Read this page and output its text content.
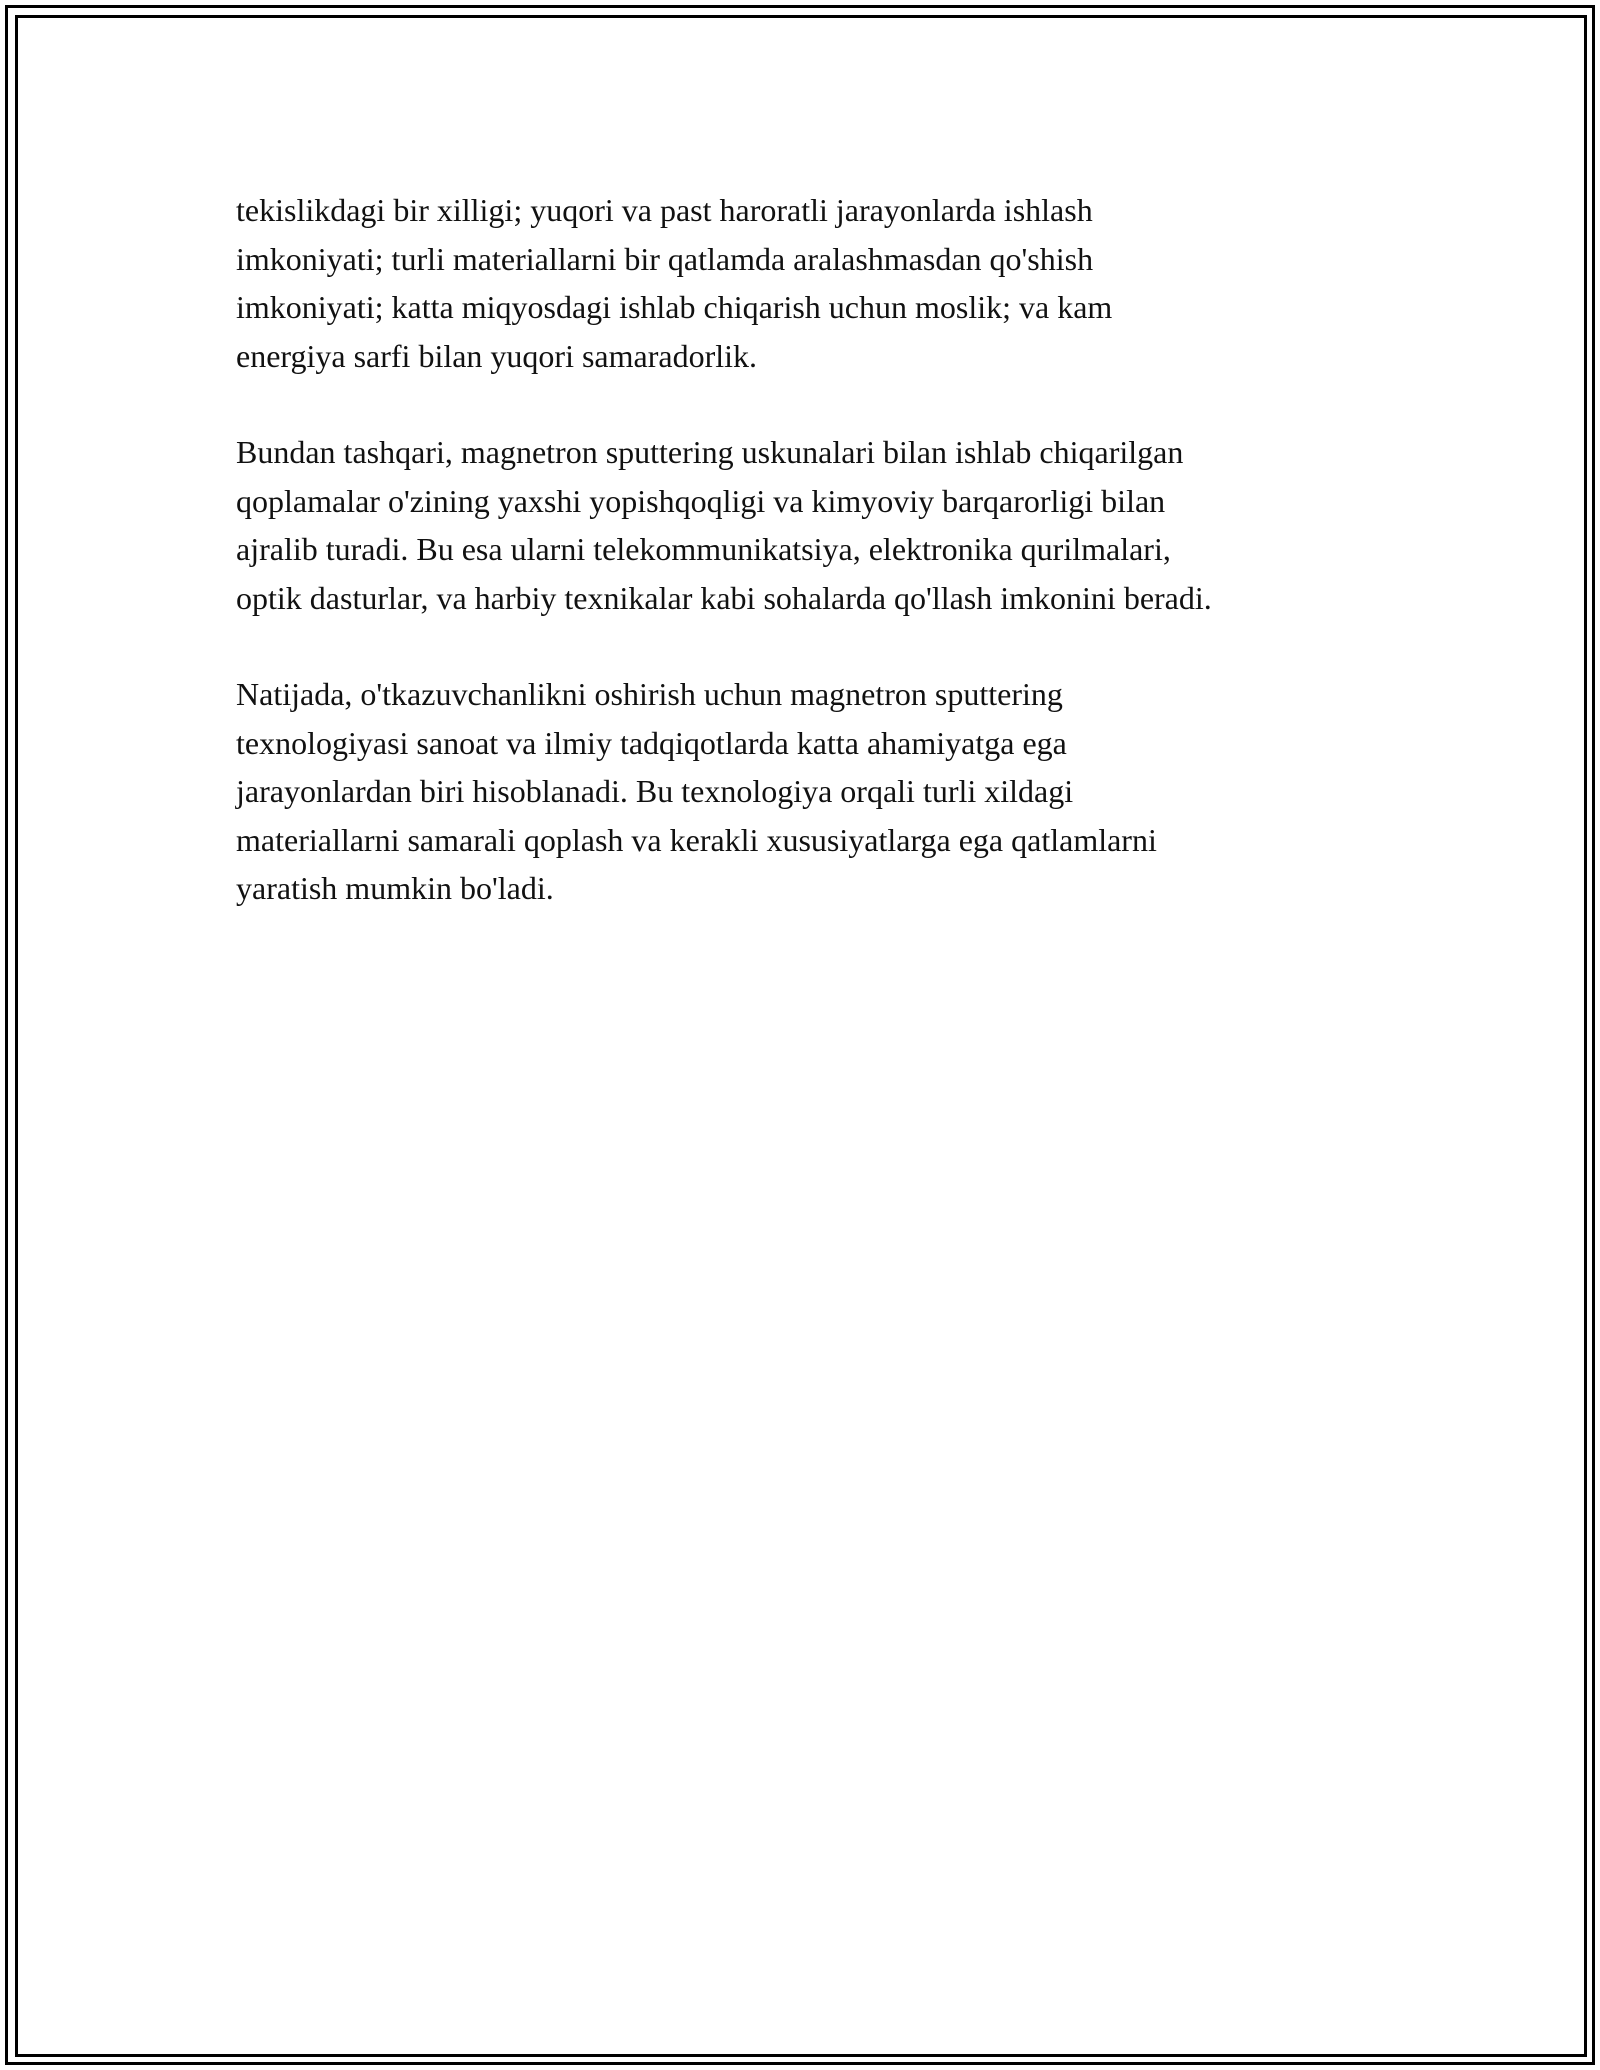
tekislikdagi bir xilligi; yuqori va past haroratli jarayonlarda ishlash
imkoniyati; turli materiallarni bir qatlamda aralashmasdan qo'shish
imkoniyati; katta miqyosdagi ishlab chiqarish uchun moslik; va kam
energiya sarfi bilan yuqori samaradorlik.

Bundan tashqari, magnetron sputtering uskunalari bilan ishlab chiqarilgan
qoplamalar o'zining yaxshi yopishqoqligi va kimyoviy barqarorligi bilan
ajralib turadi. Bu esa ularni telekommunikatsiya, elektronika qurilmalari,
optik dasturlar, va harbiy texnikalar kabi sohalarda qo'llash imkonini beradi.

Natijada, o'tkazuvchanlikni oshirish uchun magnetron sputtering
texnologiyasi sanoat va ilmiy tadqiqotlarda katta ahamiyatga ega
jarayonlardan biri hisoblanadi. Bu texnologiya orqali turli xildagi
materiallarni samarali qoplash va kerakli xususiyatlarga ega qatlamlarni
yaratish mumkin bo'ladi.
